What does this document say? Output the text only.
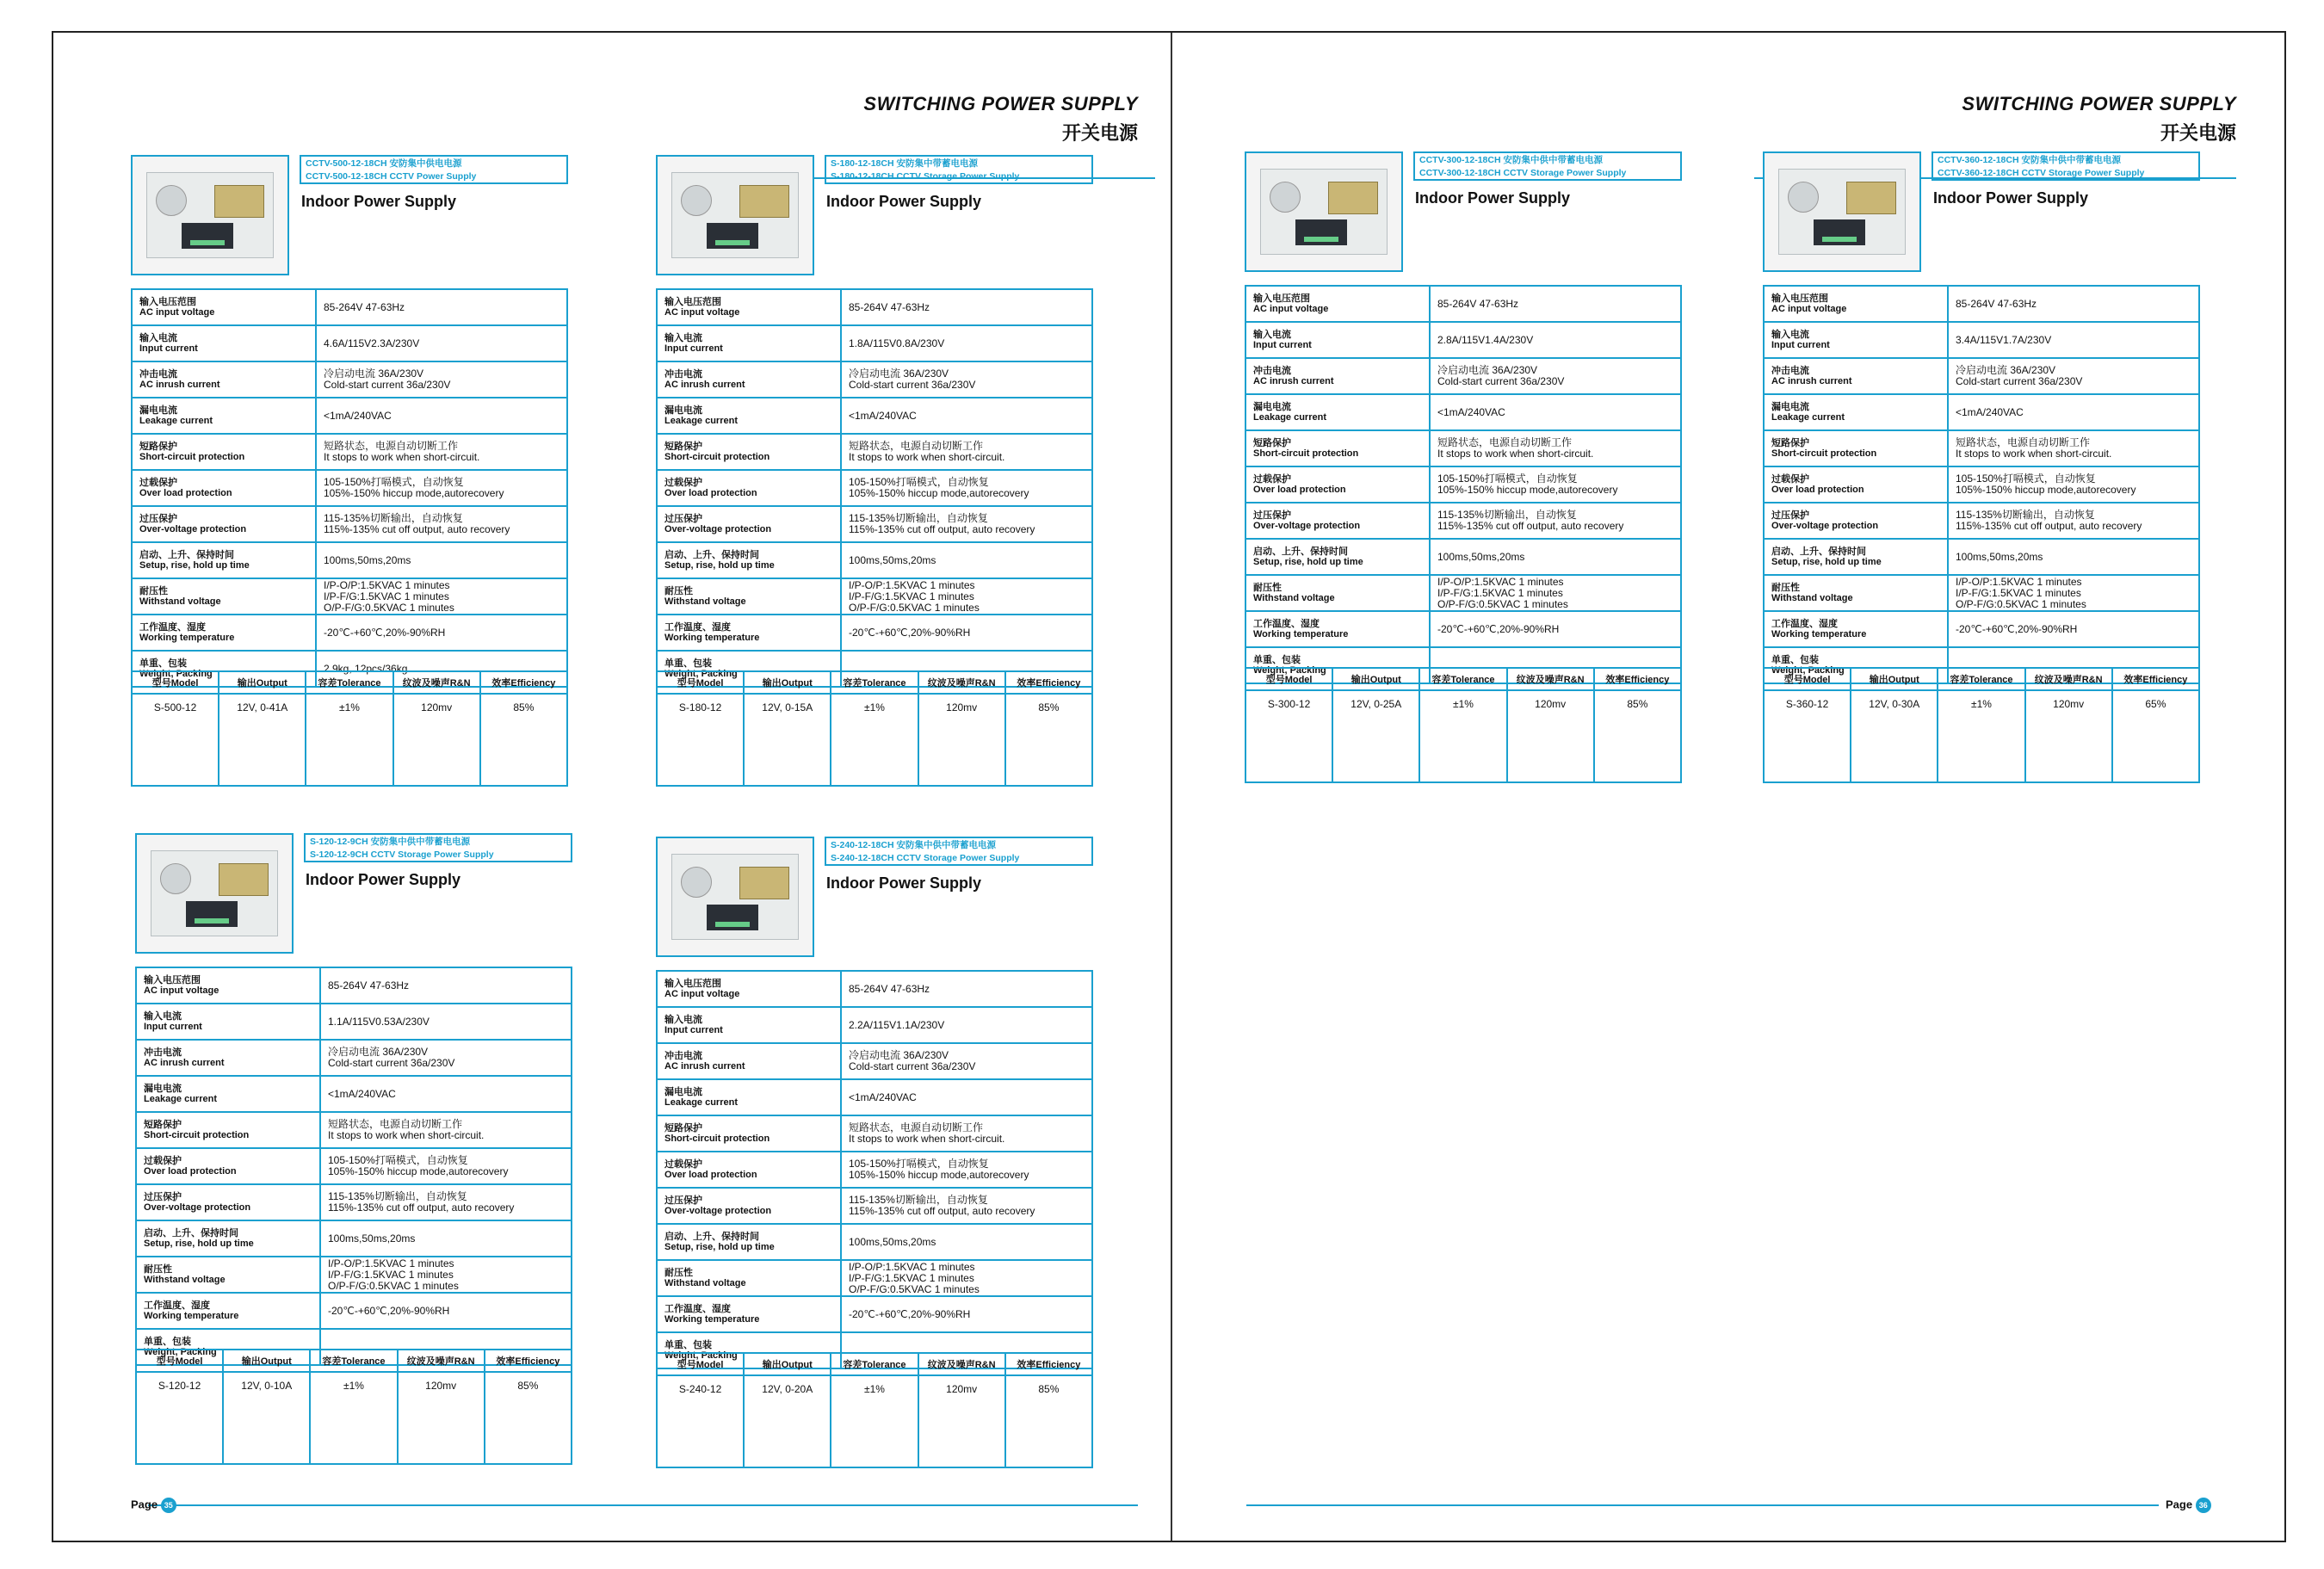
SWITCHING POWER SUPPLY
开关电源
CCTV-500-12-18CH 安防集中供电电源
CCTV-500-12-18CH CCTV Power Supply
Indoor Power Supply
输入电压范围
AC input voltage	85-264V 47-63Hz

输入电流
Input current	4.6A/115V2.3A/230V

冲击电流
AC inrush current	冷启动电流 36A/230V
Cold-start current 36a/230V

漏电电流
Leakage current	<1mA/240VAC

短路保护
Short-circuit protection	短路状态，电源自动切断工作
It stops to work when short-circuit.

过载保护
Over load protection	105-150%打嗝模式，自动恢复
105%-150% hiccup mode,autorecovery

过压保护
Over-voltage protection	115-135%切断输出，自动恢复
115%-135% cut off output, auto recovery

启动、上升、保持时间
Setup, rise, hold up time	100ms,50ms,20ms

耐压性
Withstand voltage	I/P-O/P:1.5KVAC 1 minutes
I/P-F/G:1.5KVAC 1 minutes
O/P-F/G:0.5KVAC 1 minutes

工作温度、湿度
Working temperature	-20℃-+60℃,20%-90%RH

单重、包装
Weight, Packing	2.9kg, 12pcs/36kg
型号Model	输出Output	容差Tolerance	纹波及噪声R&N	效率Efficiency
S-500-12	12V, 0-41A	±1%	120mv	85%
S-180-12-18CH 安防集中带蓄电电源
S-180-12-18CH CCTV Storage Power Supply
Indoor Power Supply
输入电压范围
AC input voltage	85-264V 47-63Hz

输入电流
Input current	1.8A/115V0.8A/230V

冲击电流
AC inrush current	冷启动电流 36A/230V
Cold-start current 36a/230V

漏电电流
Leakage current	<1mA/240VAC

短路保护
Short-circuit protection	短路状态，电源自动切断工作
It stops to work when short-circuit.

过载保护
Over load protection	105-150%打嗝模式，自动恢复
105%-150% hiccup mode,autorecovery

过压保护
Over-voltage protection	115-135%切断输出，自动恢复
115%-135% cut off output, auto recovery

启动、上升、保持时间
Setup, rise, hold up time	100ms,50ms,20ms

耐压性
Withstand voltage	I/P-O/P:1.5KVAC 1 minutes
I/P-F/G:1.5KVAC 1 minutes
O/P-F/G:0.5KVAC 1 minutes

工作温度、湿度
Working temperature	-20℃-+60℃,20%-90%RH

单重、包装
Weight, Packing	

型号Model	输出Output	容差Tolerance	纹波及噪声R&N	效率Efficiency
S-180-12	12V, 0-15A	±1%	120mv	85%
S-120-12-9CH 安防集中供中带蓄电电源
S-120-12-9CH CCTV Storage Power Supply
Indoor Power Supply
输入电压范围
AC input voltage	85-264V 47-63Hz

输入电流
Input current	1.1A/115V0.53A/230V

冲击电流
AC inrush current	冷启动电流 36A/230V
Cold-start current 36a/230V

漏电电流
Leakage current	<1mA/240VAC

短路保护
Short-circuit protection	短路状态，电源自动切断工作
It stops to work when short-circuit.

过载保护
Over load protection	105-150%打嗝模式，自动恢复
105%-150% hiccup mode,autorecovery

过压保护
Over-voltage protection	115-135%切断输出，自动恢复
115%-135% cut off output, auto recovery

启动、上升、保持时间
Setup, rise, hold up time	100ms,50ms,20ms

耐压性
Withstand voltage	I/P-O/P:1.5KVAC 1 minutes
I/P-F/G:1.5KVAC 1 minutes
O/P-F/G:0.5KVAC 1 minutes

工作温度、湿度
Working temperature	-20℃-+60℃,20%-90%RH

单重、包装
Weight, Packing	

型号Model	输出Output	容差Tolerance	纹波及噪声R&N	效率Efficiency
S-120-12	12V, 0-10A	±1%	120mv	85%
S-240-12-18CH 安防集中供中带蓄电电源
S-240-12-18CH CCTV Storage Power Supply
Indoor Power Supply
输入电压范围
AC input voltage	85-264V 47-63Hz

输入电流
Input current	2.2A/115V1.1A/230V

冲击电流
AC inrush current	冷启动电流 36A/230V
Cold-start current 36a/230V

漏电电流
Leakage current	<1mA/240VAC

短路保护
Short-circuit protection	短路状态，电源自动切断工作
It stops to work when short-circuit.

过载保护
Over load protection	105-150%打嗝模式，自动恢复
105%-150% hiccup mode,autorecovery

过压保护
Over-voltage protection	115-135%切断输出，自动恢复
115%-135% cut off output, auto recovery

启动、上升、保持时间
Setup, rise, hold up time	100ms,50ms,20ms

耐压性
Withstand voltage	I/P-O/P:1.5KVAC 1 minutes
I/P-F/G:1.5KVAC 1 minutes
O/P-F/G:0.5KVAC 1 minutes

工作温度、湿度
Working temperature	-20℃-+60℃,20%-90%RH

单重、包装
Weight, Packing	

型号Model	输出Output	容差Tolerance	纹波及噪声R&N	效率Efficiency
S-240-12	12V, 0-20A	±1%	120mv	85%
Page 35
SWITCHING POWER SUPPLY
开关电源
CCTV-300-12-18CH 安防集中供中带蓄电电源
CCTV-300-12-18CH CCTV Storage Power Supply
Indoor Power Supply
输入电压范围
AC input voltage	85-264V 47-63Hz

输入电流
Input current	2.8A/115V1.4A/230V

冲击电流
AC inrush current	冷启动电流 36A/230V
Cold-start current 36a/230V

漏电电流
Leakage current	<1mA/240VAC

短路保护
Short-circuit protection	短路状态，电源自动切断工作
It stops to work when short-circuit.

过载保护
Over load protection	105-150%打嗝模式，自动恢复
105%-150% hiccup mode,autorecovery

过压保护
Over-voltage protection	115-135%切断输出，自动恢复
115%-135% cut off output, auto recovery

启动、上升、保持时间
Setup, rise, hold up time	100ms,50ms,20ms

耐压性
Withstand voltage	I/P-O/P:1.5KVAC 1 minutes
I/P-F/G:1.5KVAC 1 minutes
O/P-F/G:0.5KVAC 1 minutes

工作温度、湿度
Working temperature	-20℃-+60℃,20%-90%RH

单重、包装
Weight, Packing	

型号Model	输出Output	容差Tolerance	纹波及噪声R&N	效率Efficiency
S-300-12	12V, 0-25A	±1%	120mv	85%
CCTV-360-12-18CH 安防集中供中带蓄电电源
CCTV-360-12-18CH CCTV Storage Power Supply
Indoor Power Supply
输入电压范围
AC input voltage	85-264V 47-63Hz

输入电流
Input current	3.4A/115V1.7A/230V

冲击电流
AC inrush current	冷启动电流 36A/230V
Cold-start current 36a/230V

漏电电流
Leakage current	<1mA/240VAC

短路保护
Short-circuit protection	短路状态，电源自动切断工作
It stops to work when short-circuit.

过载保护
Over load protection	105-150%打嗝模式，自动恢复
105%-150% hiccup mode,autorecovery

过压保护
Over-voltage protection	115-135%切断输出，自动恢复
115%-135% cut off output, auto recovery

启动、上升、保持时间
Setup, rise, hold up time	100ms,50ms,20ms

耐压性
Withstand voltage	I/P-O/P:1.5KVAC 1 minutes
I/P-F/G:1.5KVAC 1 minutes
O/P-F/G:0.5KVAC 1 minutes

工作温度、湿度
Working temperature	-20℃-+60℃,20%-90%RH

单重、包装
Weight, Packing	

型号Model	输出Output	容差Tolerance	纹波及噪声R&N	效率Efficiency
S-360-12	12V, 0-30A	±1%	120mv	65%
Page 36
